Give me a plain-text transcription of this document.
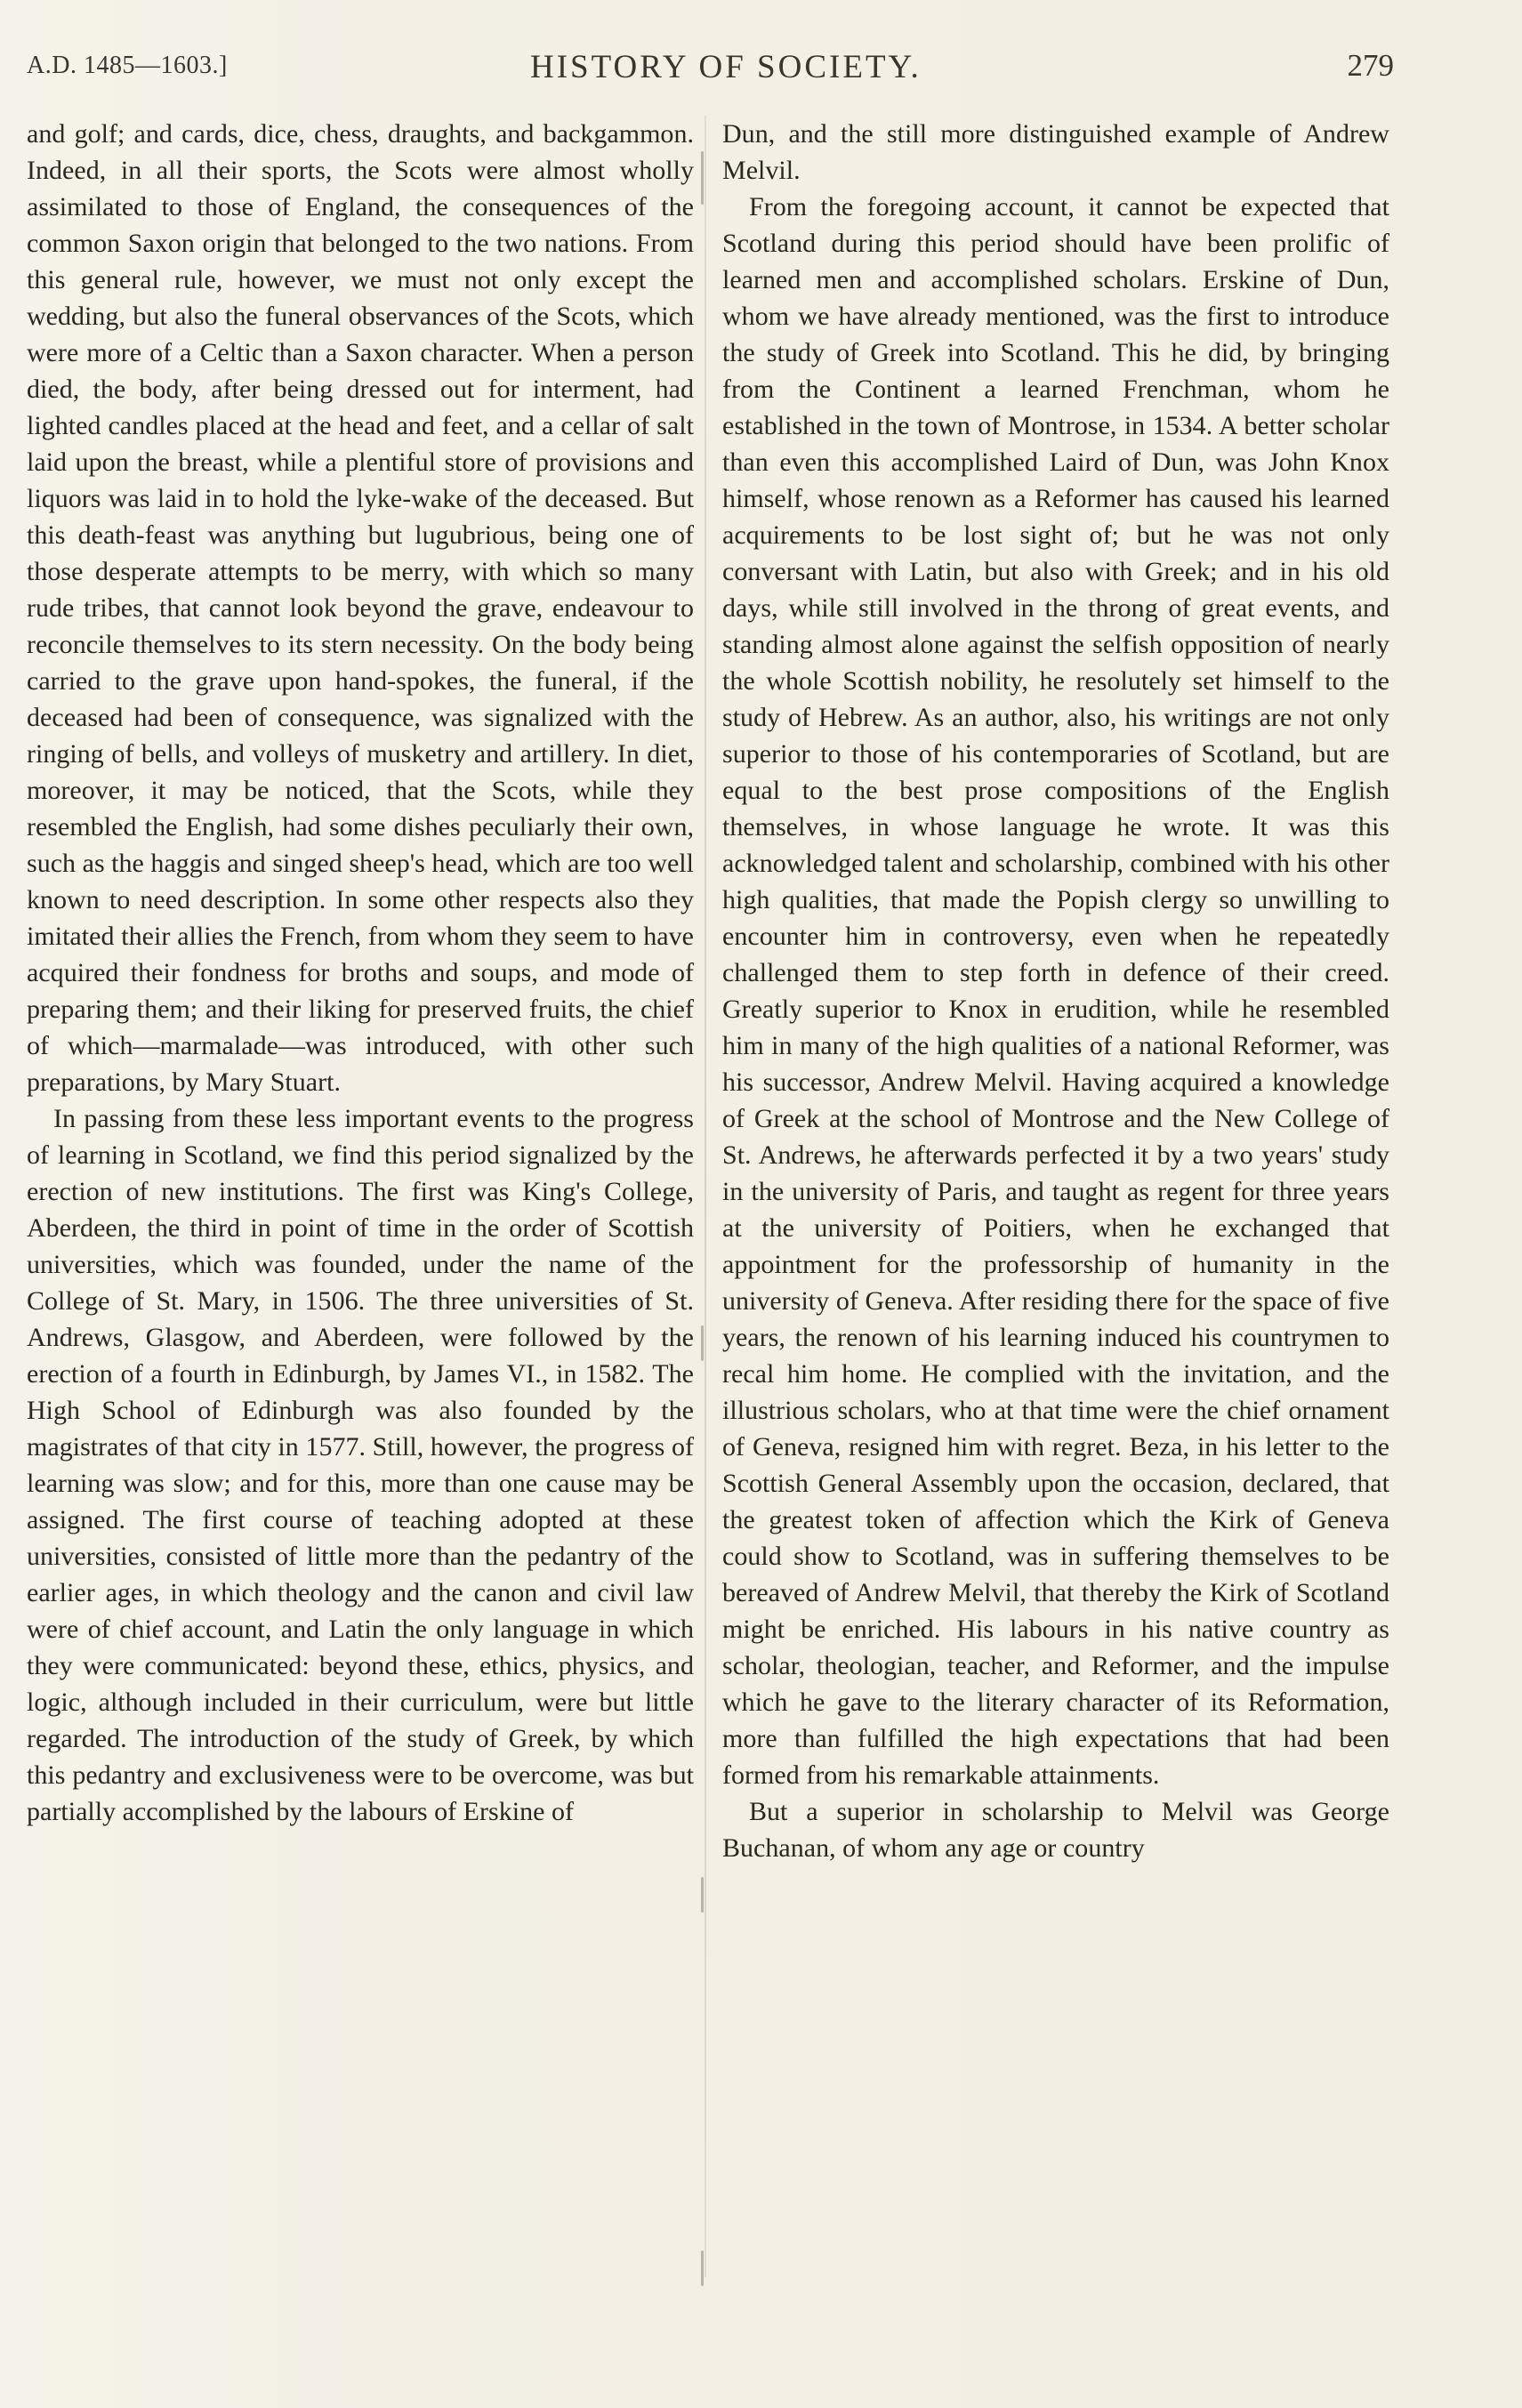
A.D. 1485—1603.]	HISTORY OF SOCIETY.	279

and golf; and cards, dice, chess, draughts, and backgammon. Indeed, in all their sports, the Scots were almost wholly assimilated to those of England, the consequences of the common Saxon origin that belonged to the two nations. From this general rule, however, we must not only except the wedding, but also the funeral observances of the Scots, which were more of a Celtic than a Saxon character. When a person died, the body, after being dressed out for interment, had lighted candles placed at the head and feet, and a cellar of salt laid upon the breast, while a plentiful store of provisions and liquors was laid in to hold the lyke-wake of the deceased. But this death-feast was anything but lugubrious, being one of those desperate attempts to be merry, with which so many rude tribes, that cannot look beyond the grave, endeavour to reconcile themselves to its stern necessity. On the body being carried to the grave upon hand-spokes, the funeral, if the deceased had been of consequence, was signalized with the ringing of bells, and volleys of musketry and artillery. In diet, moreover, it may be noticed, that the Scots, while they resembled the English, had some dishes peculiarly their own, such as the haggis and singed sheep's head, which are too well known to need description. In some other respects also they imitated their allies the French, from whom they seem to have acquired their fondness for broths and soups, and mode of preparing them; and their liking for preserved fruits, the chief of which—marmalade—was introduced, with other such preparations, by Mary Stuart.

In passing from these less important events to the progress of learning in Scotland, we find this period signalized by the erection of new institutions. The first was King's College, Aberdeen, the third in point of time in the order of Scottish universities, which was founded, under the name of the College of St. Mary, in 1506. The three universities of St. Andrews, Glasgow, and Aberdeen, were followed by the erection of a fourth in Edinburgh, by James VI., in 1582. The High School of Edinburgh was also founded by the magistrates of that city in 1577. Still, however, the progress of learning was slow; and for this, more than one cause may be assigned. The first course of teaching adopted at these universities, consisted of little more than the pedantry of the earlier ages, in which theology and the canon and civil law were of chief account, and Latin the only language in which they were communicated: beyond these, ethics, physics, and logic, although included in their curriculum, were but little regarded. The introduction of the study of Greek, by which this pedantry and exclusiveness were to be overcome, was but partially accomplished by the labours of Erskine of

Dun, and the still more distinguished example of Andrew Melvil.

From the foregoing account, it cannot be expected that Scotland during this period should have been prolific of learned men and accomplished scholars. Erskine of Dun, whom we have already mentioned, was the first to introduce the study of Greek into Scotland. This he did, by bringing from the Continent a learned Frenchman, whom he established in the town of Montrose, in 1534. A better scholar than even this accomplished Laird of Dun, was John Knox himself, whose renown as a Reformer has caused his learned acquirements to be lost sight of; but he was not only conversant with Latin, but also with Greek; and in his old days, while still involved in the throng of great events, and standing almost alone against the selfish opposition of nearly the whole Scottish nobility, he resolutely set himself to the study of Hebrew. As an author, also, his writings are not only superior to those of his contemporaries of Scotland, but are equal to the best prose compositions of the English themselves, in whose language he wrote. It was this acknowledged talent and scholarship, combined with his other high qualities, that made the Popish clergy so unwilling to encounter him in controversy, even when he repeatedly challenged them to step forth in defence of their creed. Greatly superior to Knox in erudition, while he resembled him in many of the high qualities of a national Reformer, was his successor, Andrew Melvil. Having acquired a knowledge of Greek at the school of Montrose and the New College of St. Andrews, he afterwards perfected it by a two years' study in the university of Paris, and taught as regent for three years at the university of Poitiers, when he exchanged that appointment for the professorship of humanity in the university of Geneva. After residing there for the space of five years, the renown of his learning induced his countrymen to recal him home. He complied with the invitation, and the illustrious scholars, who at that time were the chief ornament of Geneva, resigned him with regret. Beza, in his letter to the Scottish General Assembly upon the occasion, declared, that the greatest token of affection which the Kirk of Geneva could show to Scotland, was in suffering themselves to be bereaved of Andrew Melvil, that thereby the Kirk of Scotland might be enriched. His labours in his native country as scholar, theologian, teacher, and Reformer, and the impulse which he gave to the literary character of its Reformation, more than fulfilled the high expectations that had been formed from his remarkable attainments.

But a superior in scholarship to Melvil was George Buchanan, of whom any age or country
